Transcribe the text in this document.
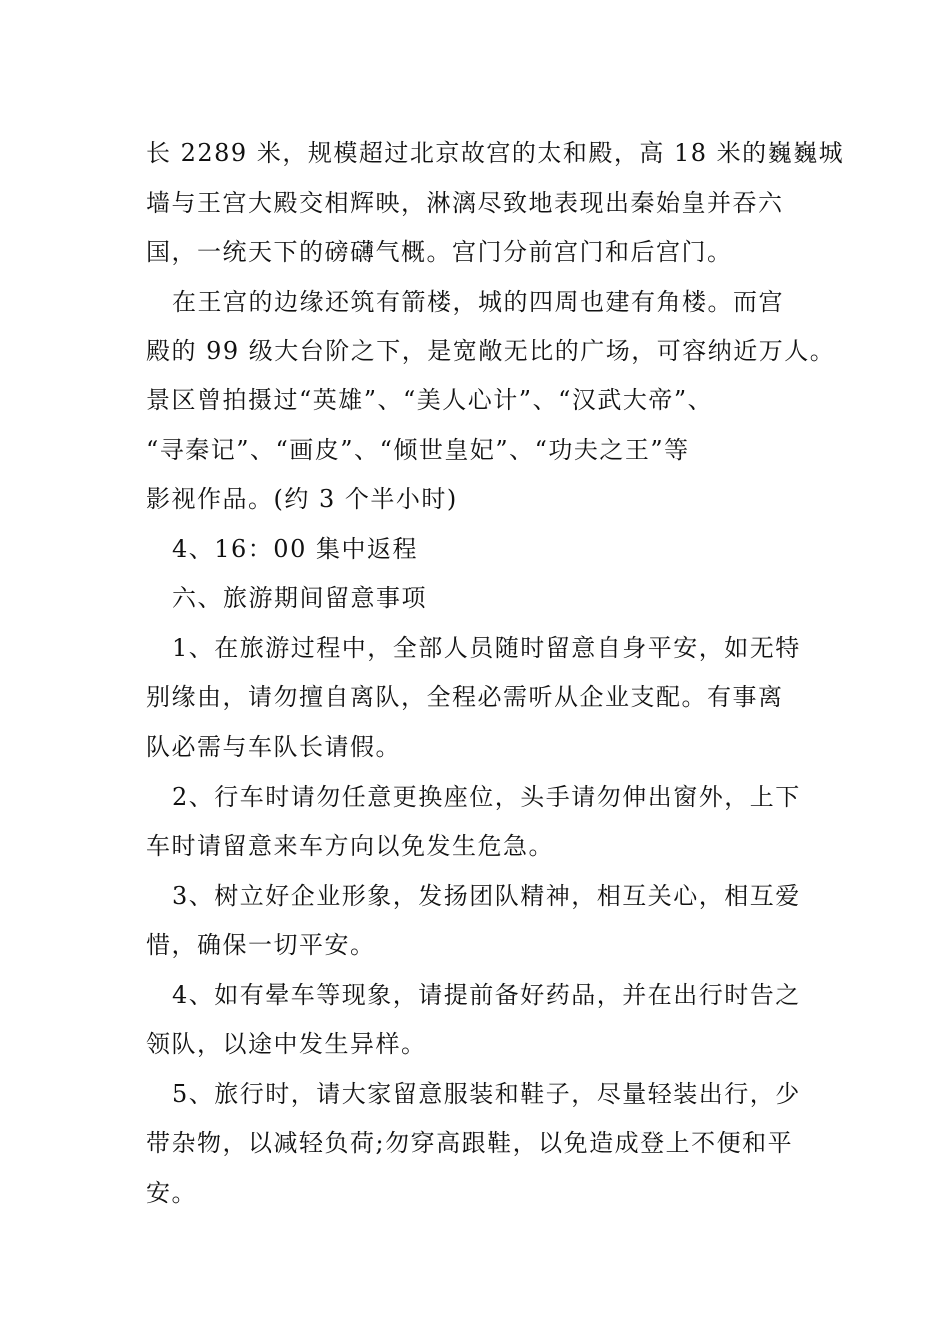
长 2289 米，规模超过北京故宫的太和殿，高 18 米的巍巍城
墙与王宫大殿交相辉映，淋漓尽致地表现出秦始皇并吞六
国，一统天下的磅礴气概。宫门分前宫门和后宫门。
在王宫的边缘还筑有箭楼，城的四周也建有角楼。而宫
殿的 99 级大台阶之下，是宽敞无比的广场，可容纳近万人。
景区曾拍摄过“英雄”、“美人心计”、“汉武大帝”、
“寻秦记”、“画皮”、“倾世皇妃”、“功夫之王”等
影视作品。(约 3 个半小时)
4、16：00 集中返程
六、旅游期间留意事项
1、在旅游过程中，全部人员随时留意自身平安，如无特
别缘由，请勿擅自离队，全程必需听从企业支配。有事离
队必需与车队长请假。
2、行车时请勿任意更换座位，头手请勿伸出窗外，上下
车时请留意来车方向以免发生危急。
3、树立好企业形象，发扬团队精神，相互关心，相互爱
惜，确保一切平安。
4、如有晕车等现象，请提前备好药品，并在出行时告之
领队，以途中发生异样。
5、旅行时，请大家留意服装和鞋子，尽量轻装出行，少
带杂物，以减轻负荷;勿穿高跟鞋，以免造成登上不便和平
安。
